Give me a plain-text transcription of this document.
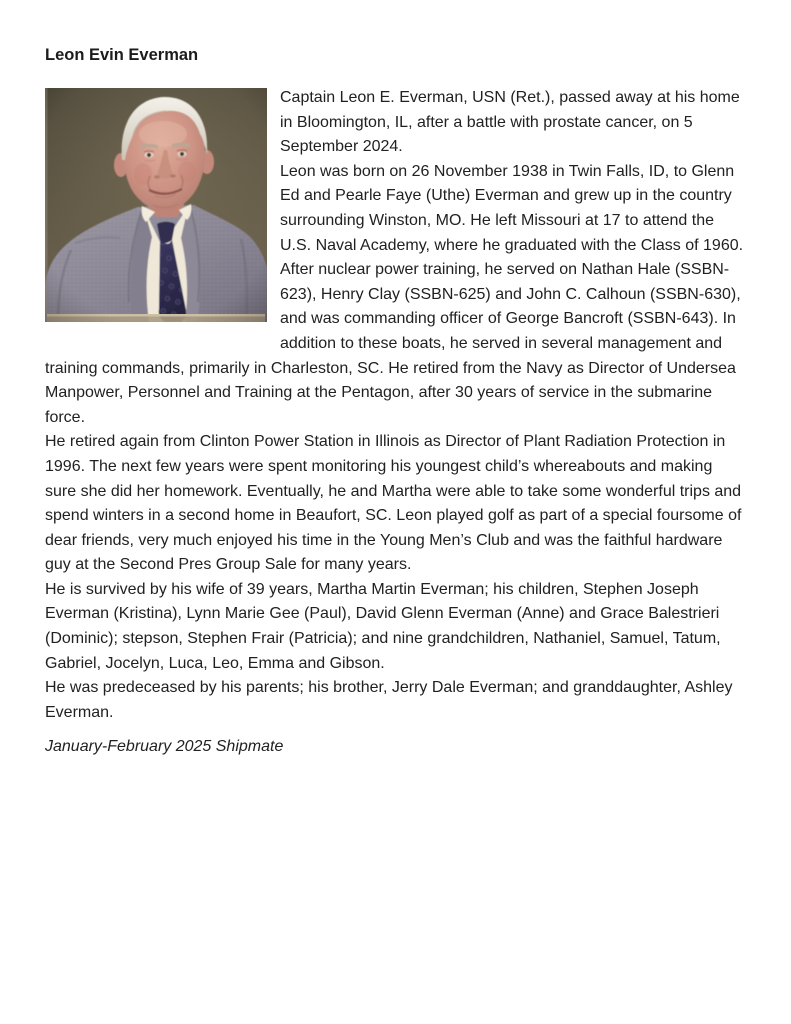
Leon Evin Everman

Captain Leon E. Everman, USN (Ret.), passed away at his home in Bloomington, IL, after a battle with prostate cancer, on 5 September 2024.

Leon was born on 26 November 1938 in Twin Falls, ID, to Glenn Ed and Pearle Faye (Uthe) Everman and grew up in the country surrounding Winston, MO. He left Missouri at 17 to attend the U.S. Naval Academy, where he graduated with the Class of 1960.

After nuclear power training, he served on Nathan Hale (SSBN-623), Henry Clay (SSBN-625) and John C. Calhoun (SSBN-630), and was commanding officer of George Bancroft (SSBN-643). In addition to these boats, he served in several management and training commands, primarily in Charleston, SC. He retired from the Navy as Director of Undersea Manpower, Personnel and Training at the Pentagon, after 30 years of service in the submarine force.

He retired again from Clinton Power Station in Illinois as Director of Plant Radiation Protection in 1996. The next few years were spent monitoring his youngest child’s whereabouts and making sure she did her homework. Eventually, he and Martha were able to take some wonderful trips and spend winters in a second home in Beaufort, SC. Leon played golf as part of a special foursome of dear friends, very much enjoyed his time in the Young Men’s Club and was the faithful hardware guy at the Second Pres Group Sale for many years.

He is survived by his wife of 39 years, Martha Martin Everman; his children, Stephen Joseph Everman (Kristina), Lynn Marie Gee (Paul), David Glenn Everman (Anne) and Grace Balestrieri (Dominic); stepson, Stephen Frair (Patricia); and nine grandchildren, Nathaniel, Samuel, Tatum, Gabriel, Jocelyn, Luca, Leo, Emma and Gibson.

He was predeceased by his parents; his brother, Jerry Dale Everman; and granddaughter, Ashley Everman.

January-February 2025 Shipmate
